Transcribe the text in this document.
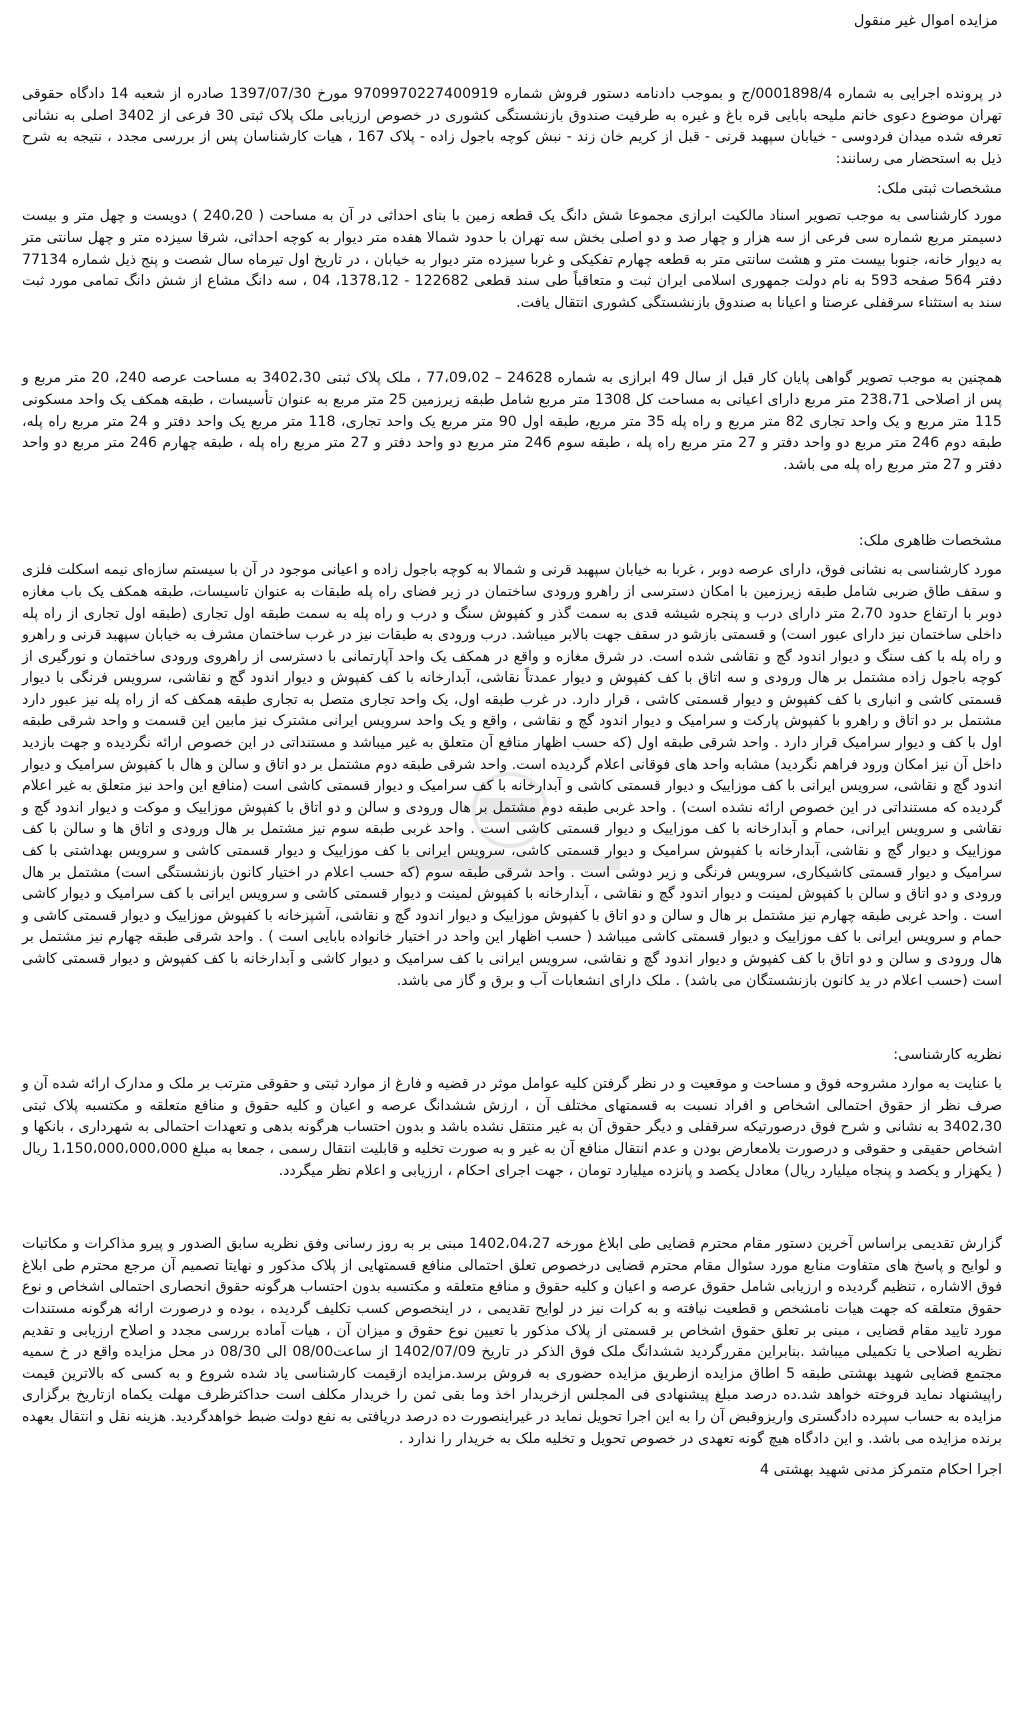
مزایده اموال غیر منقول

در پرونده اجرایی به شماره 0001898/4/ج و بموجب دادنامه دستور فروش شماره 9709970227400919 مورخ 1397/07/30 صادره از شعبه 14 دادگاه حقوقی تهران موضوع دعوی خانم ملیحه بابایی قره باغ و غیره به طرفیت صندوق بازنشستگی کشوری در خصوص ارزیابی ملک پلاک ثبتی 30 فرعی از 3402 اصلی به نشانی تعرفه شده میدان فردوسی - خیابان سپهبد قرنی - قبل از کریم خان زند - نبش کوچه باجول زاده - پلاک 167 ، هیات کارشناسان پس از بررسی مجدد ، نتیجه به شرح ذیل به استحضار می رسانند:

مشخصات ثبتی ملک:

مورد کارشناسی به موجب تصویر اسناد مالکیت ابرازی مجموعا شش دانگ یک قطعه زمین با بنای احداثی در آن به مساحت ( 240،20 ) دویست و چهل متر و بیست دسیمتر مربع شماره سی فرعی از سه هزار و چهار صد و دو اصلی بخش سه تهران با حدود شمالا هفده متر دیوار به کوچه احداثی، شرقا سیزده متر و چهل سانتی متر به دیوار خانه، جنوبا بیست متر و هشت سانتی متر به قطعه چهارم تفکیکی و غربا سیزده متر دیوار به خیابان ، در تاریخ اول تیرماه سال شصت و پنج ذیل شماره 77134 دفتر 564 صفحه 593 به نام دولت جمهوری اسلامی ایران ثبت و متعاقباً طی سند قطعی 122682 - 1378،12، 04 ، سه دانگ مشاع از شش دانگ تمامی مورد ثبت سند به استثناء سرقفلی عرصتا و اعیانا به صندوق بازنشستگی کشوری انتقال یافت.

همچنین به موجب تصویر گواهی پایان کار قبل از سال 49 ابرازی به شماره 24628 – 77،09،02 ، ملک پلاک ثبتی 3402،30 به مساحت عرصه 240، 20 متر مربع و پس از اصلاحی 238،71 متر مربع دارای اعیانی به مساحت کل 1308 متر مربع شامل طبقه زیرزمین 25 متر مربع به عنوان تأسیسات ، طبقه همکف یک واحد مسکونی 115 متر مربع و یک واحد تجاری 82 متر مربع و راه پله 35 متر مربع، طبقه اول 90 متر مربع یک واحد تجاری، 118 متر مربع یک واحد دفتر و 24 متر مربع راه پله، طبقه دوم 246 متر مربع دو واحد دفتر و 27 متر مربع راه پله ، طبقه سوم 246 متر مربع دو واحد دفتر و 27 متر مربع راه پله ، طبقه چهارم 246 متر مربع دو واحد دفتر و 27 متر مربع راه پله می باشد.

مشخصات ظاهری ملک:

مورد کارشناسی به نشانی فوق، دارای عرصه دوبر ، غربا به خیابان سپهبد قرنی و شمالا به کوچه باجول زاده و اعیانی موجود در آن با سیستم سازه‌ای نیمه اسکلت فلزی و سقف طاق ضربی شامل طبقه زیرزمین با امکان دسترسی از راهرو ورودی ساختمان در زیر فضای راه پله طبقات به عنوان تاسیسات، طبقه همکف یک باب مغازه دوبر با ارتفاع حدود 2،70 متر دارای درب و پنجره شیشه قدی به سمت گذر و کفپوش سنگ و درب و راه پله به سمت طبقه اول تجاری (طبقه اول تجاری از راه پله داخلی ساختمان نیز دارای عبور است) و قسمتی بازشو در سقف جهت بالابر میباشد. درب ورودی به طبقات نیز در غرب ساختمان مشرف به خیابان سپهبد قرنی و راهرو و راه پله با کف سنگ و دیوار اندود گچ و نقاشی شده است. در شرق مغازه و واقع در همکف یک واحد آپارتمانی با دسترسی از راهروی ورودی ساختمان و نورگیری از کوچه باجول زاده مشتمل بر هال ورودی و سه اتاق با کف کفپوش و دیوار عمدتاً نقاشی، آبدارخانه با کف کفپوش و دیوار اندود گچ و نقاشی، سرویس فرنگی با دیوار قسمتی کاشی و انباری با کف کفپوش و دیوار قسمتی کاشی ، قرار دارد. در غرب طبقه اول، یک واحد تجاری متصل به تجاری طبقه همکف که از راه پله نیز عبور دارد مشتمل بر دو اتاق و راهرو با کفپوش پارکت و سرامیک و دیوار اندود گچ و نقاشی ، واقع و یک واحد سرویس ایرانی مشترک نیز مابین این قسمت و واحد شرقی طبقه اول با کف و دیوار سرامیک قرار دارد . واحد شرقی طبقه اول (که حسب اظهار منافع آن متعلق به غیر میباشد و مستنداتی در این خصوص ارائه نگردیده و جهت بازدید داخل آن نیز امکان ورود فراهم نگردید) مشابه واحد های فوقانی اعلام گردیده است. واحد شرقی طبقه دوم مشتمل بر دو اتاق و سالن و هال با کفپوش سرامیک و دیوار اندود گچ و نقاشی، سرویس ایرانی با کف موزاییک و دیوار قسمتی کاشی و آبدارخانه با کف سرامیک و دیوار قسمتی کاشی است (منافع این واحد نیز متعلق به غیر اعلام گردیده که مستنداتی در این خصوص ارائه نشده است) . واحد غربی طبقه دوم مشتمل بر هال ورودی و سالن و دو اتاق با کفپوش موزاییک و موکت و دیوار اندود گچ و نقاشی و سرویس ایرانی، حمام و آبدارخانه با کف موزاییک و دیوار قسمتی کاشی است . واحد غربی طبقه سوم نیز مشتمل بر هال ورودی و اتاق ها و سالن با کف موزاییک و دیوار گچ و نقاشی، آبدارخانه با کفپوش سرامیک و دیوار قسمتی کاشی، سرویس ایرانی با کف موزاییک و دیوار قسمتی کاشی و سرویس بهداشتی با کف سرامیک و دیوار قسمتی کاشیکاری، سرویس فرنگی و زیر دوشی است . واحد شرقی طبقه سوم (که حسب اعلام در اختیار کانون بازنشستگی است) مشتمل بر هال ورودی و دو اتاق و سالن با کفپوش لمینت و دیوار اندود گچ و نقاشی ، آبدارخانه با کفپوش لمینت و دیوار قسمتی کاشی و سرویس ایرانی با کف سرامیک و دیوار کاشی است . واحد غربی طبقه چهارم نیز مشتمل بر هال و سالن و دو اتاق با کفپوش موزاییک و دیوار اندود گچ و نقاشی، آشپزخانه با کفپوش موزاییک و دیوار قسمتی کاشی و حمام و سرویس ایرانی با کف موزاییک و دیوار قسمتی کاشی میباشد ( حسب اظهار این واحد در اختیار خانواده بابایی است ) . واحد شرقی طبقه چهارم نیز مشتمل بر هال ورودی و سالن و دو اتاق با کف کفپوش و دیوار اندود گچ و نقاشی، سرویس ایرانی با کف سرامیک و دیوار کاشی و آبدارخانه با کف کفپوش و دیوار قسمتی کاشی است (حسب اعلام در ید کانون بازنشستگان می باشد) . ملک دارای انشعابات آب و برق و گاز می باشد.

نظریه کارشناسی:

با عنایت به موارد مشروحه فوق و مساحت و موقعیت و در نظر گرفتن کلیه عوامل موثر در قضیه و فارغ از موارد ثبتی و حقوقی مترتب بر ملک و مدارک ارائه شده آن و صرف نظر از حقوق احتمالی اشخاص و افراد نسبت به قسمتهای مختلف آن ، ارزش ششدانگ عرصه و اعیان و کلیه حقوق و منافع متعلقه و مکتسبه پلاک ثبتی 3402،30 به نشانی و شرح فوق درصورتیکه سرقفلی و دیگر حقوق آن به غیر منتقل نشده باشد و بدون احتساب هرگونه بدهی و تعهدات احتمالی به شهرداری ، بانکها و اشخاص حقیقی و حقوقی و درصورت بلامعارض بودن و عدم انتقال منافع آن به غیر و به صورت تخلیه و قابلیت انتقال رسمی ، جمعا به مبلغ 1،150،000،000،000 ریال ( یکهزار و یکصد و پنجاه میلیارد ریال) معادل یکصد و پانزده میلیارد تومان ، جهت اجرای احکام ، ارزیابی و اعلام نظر میگردد.

گزارش تقدیمی براساس آخرین دستور مقام محترم قضایی طی ابلاغ مورخه 1402،04،27 مبنی بر به روز رسانی وفق نظریه سابق الصدور و پیرو مذاکرات و مکاتبات و لوایح و پاسخ های متفاوت منابع مورد سئوال مقام محترم قضایی درخصوص تعلق احتمالی منافع قسمتهایی از پلاک مذکور و نهایتا تصمیم آن مرجع محترم طی ابلاغ فوق الاشاره ، تنظیم گردیده و ارزیابی شامل حقوق عرصه و اعیان و کلیه حقوق و منافع متعلقه و مکتسبه بدون احتساب هرگونه حقوق انحصاری احتمالی اشخاص و نوع حقوق متعلقه که جهت هیات نامشخص و قطعیت نیافته و به کرات نیز در لوایح تقدیمی ، در اینخصوص کسب تکلیف گردیده ، بوده و درصورت ارائه هرگونه مستندات مورد تایید مقام قضایی ، مبنی بر تعلق حقوق اشخاص بر قسمتی از پلاک مذکور با تعیین نوع حقوق و میزان آن ، هیات آماده بررسی مجدد و اصلاح ارزیابی و تقدیم نظریه اصلاحی یا تکمیلی میباشد .بنابراین مقررگردید ششدانگ ملک فوق الذکر در تاریخ 1402/07/09 از ساعت08/00 الی 08/30 در محل مزایده واقع در خ سمیه مجتمع قضایی شهید بهشتی طبقه 5 اطاق مزایده ازطریق مزایده حضوری به فروش برسد.مزایده ازقیمت کارشناسی یاد شده شروع و به کسی که بالاترین قیمت راپیشنهاد نماید فروخته خواهد شد.ده درصد مبلغ پیشنهادی فی المجلس ازخریدار اخذ وما بقی ثمن را خریدار مکلف است حداکثرظرف مهلت یکماه ازتاریخ برگزاری مزایده به حساب سپرده دادگستری واریزوقبض آن را به این اجرا تحویل نماید در غیراینصورت ده درصد دریافتی به نفع دولت ضبط خواهدگردید. هزینه نقل و انتقال بعهده برنده مزایده می باشد. و این دادگاه هیچ گونه تعهدی در خصوص تحویل و تخلیه ملک به خریدار را ندارد .

اجرا احکام متمرکز مدنی شهید بهشتی 4
